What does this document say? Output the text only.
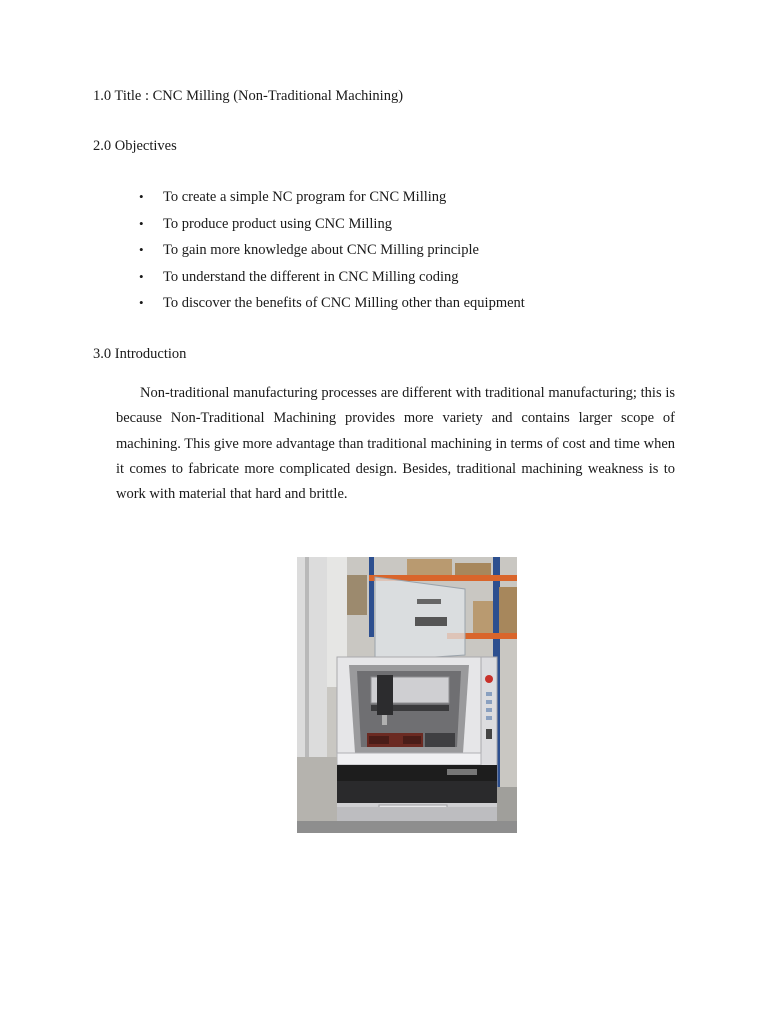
1.0 Title : CNC Milling (Non-Traditional Machining)
2.0 Objectives
• To create a simple NC program for CNC Milling
• To produce product using CNC Milling
• To gain more knowledge about CNC Milling principle
• To understand the different in CNC Milling coding
• To discover the benefits of CNC Milling other than equipment
3.0 Introduction

Non-traditional manufacturing processes are different with traditional manufacturing; this is because Non-Traditional Machining provides more variety and contains larger scope of machining. This give more advantage than traditional machining in terms of cost and time when it comes to fabricate more complicated design. Besides, traditional machining weakness is to work with material that hard and brittle.
